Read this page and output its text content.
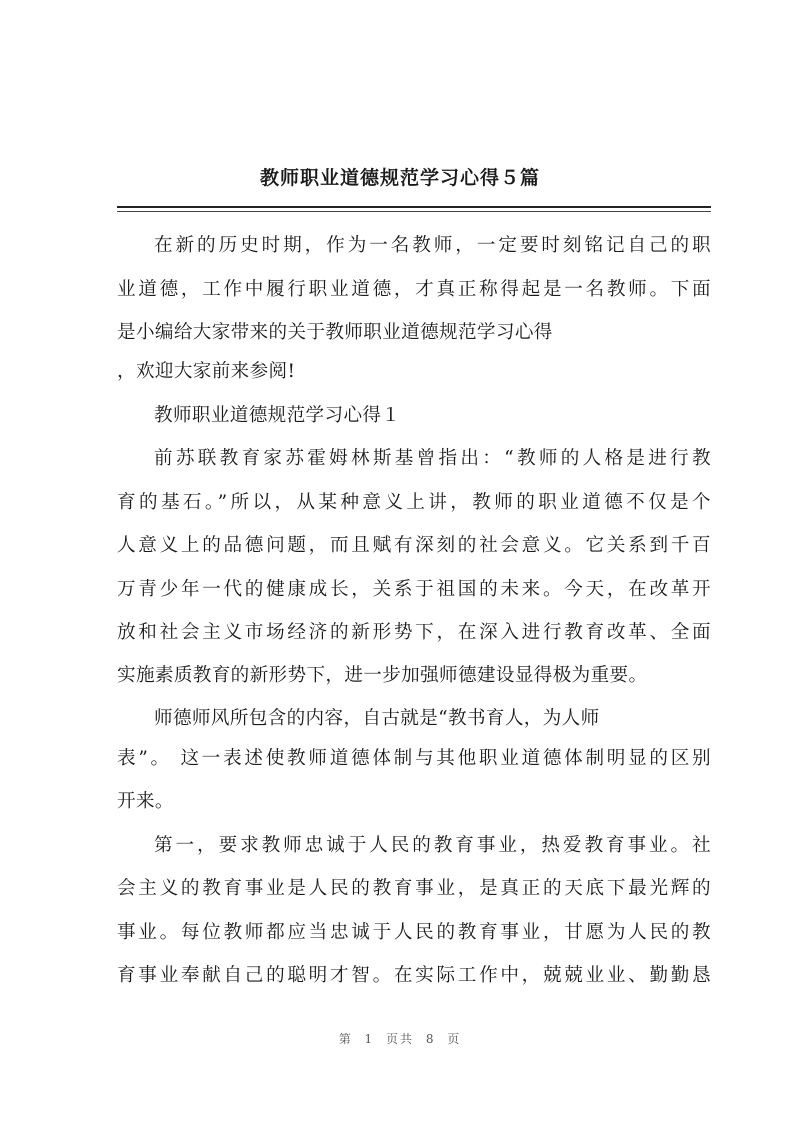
教师职业道德规范学习心得５篇
在新的历史时期，作为一名教师，一定要时刻铭记自己的职
业道德，工作中履行职业道德，才真正称得起是一名教师。下面
是小编给大家带来的关于教师职业道德规范学习心得
，欢迎大家前来参阅!
教师职业道德规范学习心得１
前苏联教育家苏霍姆林斯基曾指出：“教师的人格是进行教
育的基石。”所以，从某种意义上讲，教师的职业道德不仅是个
人意义上的品德问题，而且赋有深刻的社会意义。它关系到千百
万青少年一代的健康成长，关系于祖国的未来。今天，在改革开
放和社会主义市场经济的新形势下，在深入进行教育改革、全面
实施素质教育的新形势下，进一步加强师德建设显得极为重要。
师德师风所包含的内容，自古就是“教书育人，为人师
表”。 这一表述使教师道德体制与其他职业道德体制明显的区别
开来。
第一，要求教师忠诚于人民的教育事业，热爱教育事业。社
会主义的教育事业是人民的教育事业，是真正的天底下最光辉的
事业。每位教师都应当忠诚于人民的教育事业，甘愿为人民的教
育事业奉献自己的聪明才智。在实际工作中，兢兢业业、勤勤恳
第 1 页共 8 页
